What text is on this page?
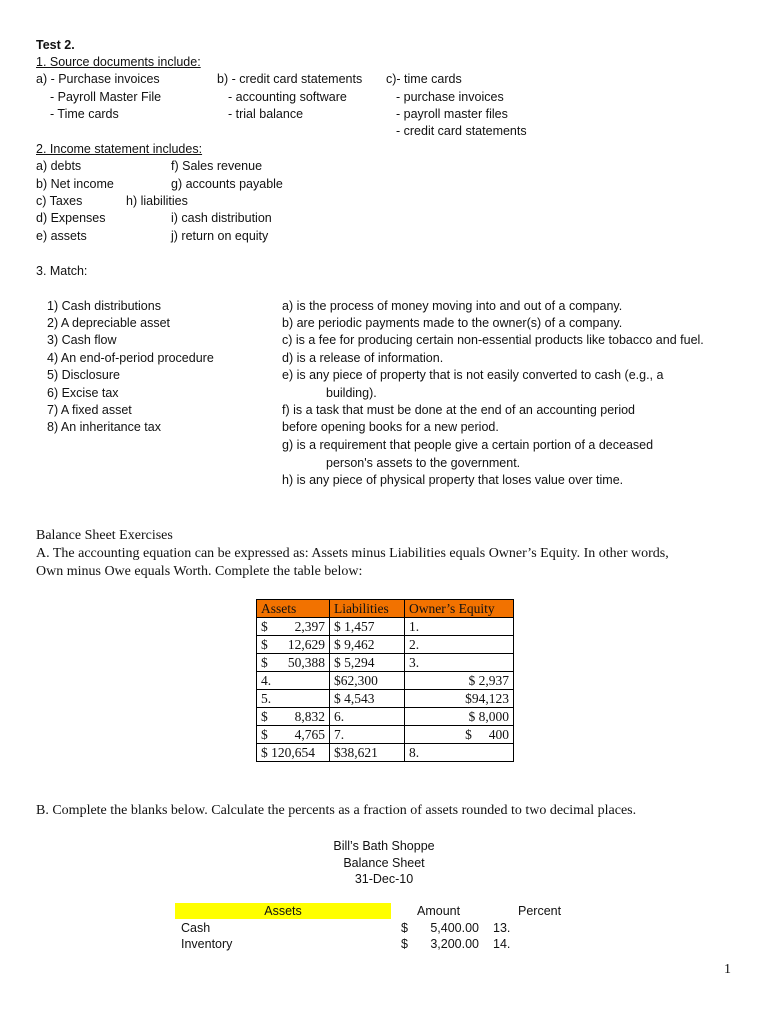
Test 2.
1. Source documents include:
a) - Purchase invoices
- Payroll Master File
- Time cards
b) - credit card statements
- accounting software
- trial balance
c)- time cards
- purchase invoices
- payroll master files
- credit card statements
2. Income statement includes:
a) debts
b) Net income
c) Taxes
d) Expenses
e) assets
f) Sales revenue
g) accounts payable
h) liabilities
i) cash distribution
j) return on equity
3. Match:
1) Cash distributions
2) A depreciable asset
3) Cash flow
4) An end-of-period procedure
5) Disclosure
6) Excise tax
7) A fixed asset
8) An inheritance tax
a) is the process of money moving into and out of a company.
b) are periodic payments made to the owner(s) of a company.
c) is a fee for producing certain non-essential products like tobacco and fuel.
d) is a release of information.
e) is any piece of property that is not easily converted to cash (e.g., a
building).
f) is a task that must be done at the end of an accounting period
before opening books for a new period.
g) is a requirement that people give a certain portion of a deceased
person's assets to the government.
h) is any piece of physical property that loses value over time.
Balance Sheet Exercises
A. The accounting equation can be expressed as: Assets minus Liabilities equals Owner’s Equity. In other words,
Own minus Owe equals Worth. Complete the table below:
Assets	Liabilities	Owner’s Equity

$ 2,397	$ 1,457	1.

$ 12,629	$ 9,462	2.

$ 50,388	$ 5,294	3.

4.	$62,300	$ 2,937

5.	$ 4,543	$94,123

$ 8,832	6.	$ 8,000

$ 4,765	7.	$     400

$ 120,654	$38,621	8.
B. Complete the blanks below. Calculate the percents as a fraction of assets rounded to two decimal places.
Bill’s Bath Shoppe
Balance Sheet
31-Dec-10
Assets	Amount	Percent
Cash	$	5,400.00 13.
Inventory	$	3,200.00 14.
1
